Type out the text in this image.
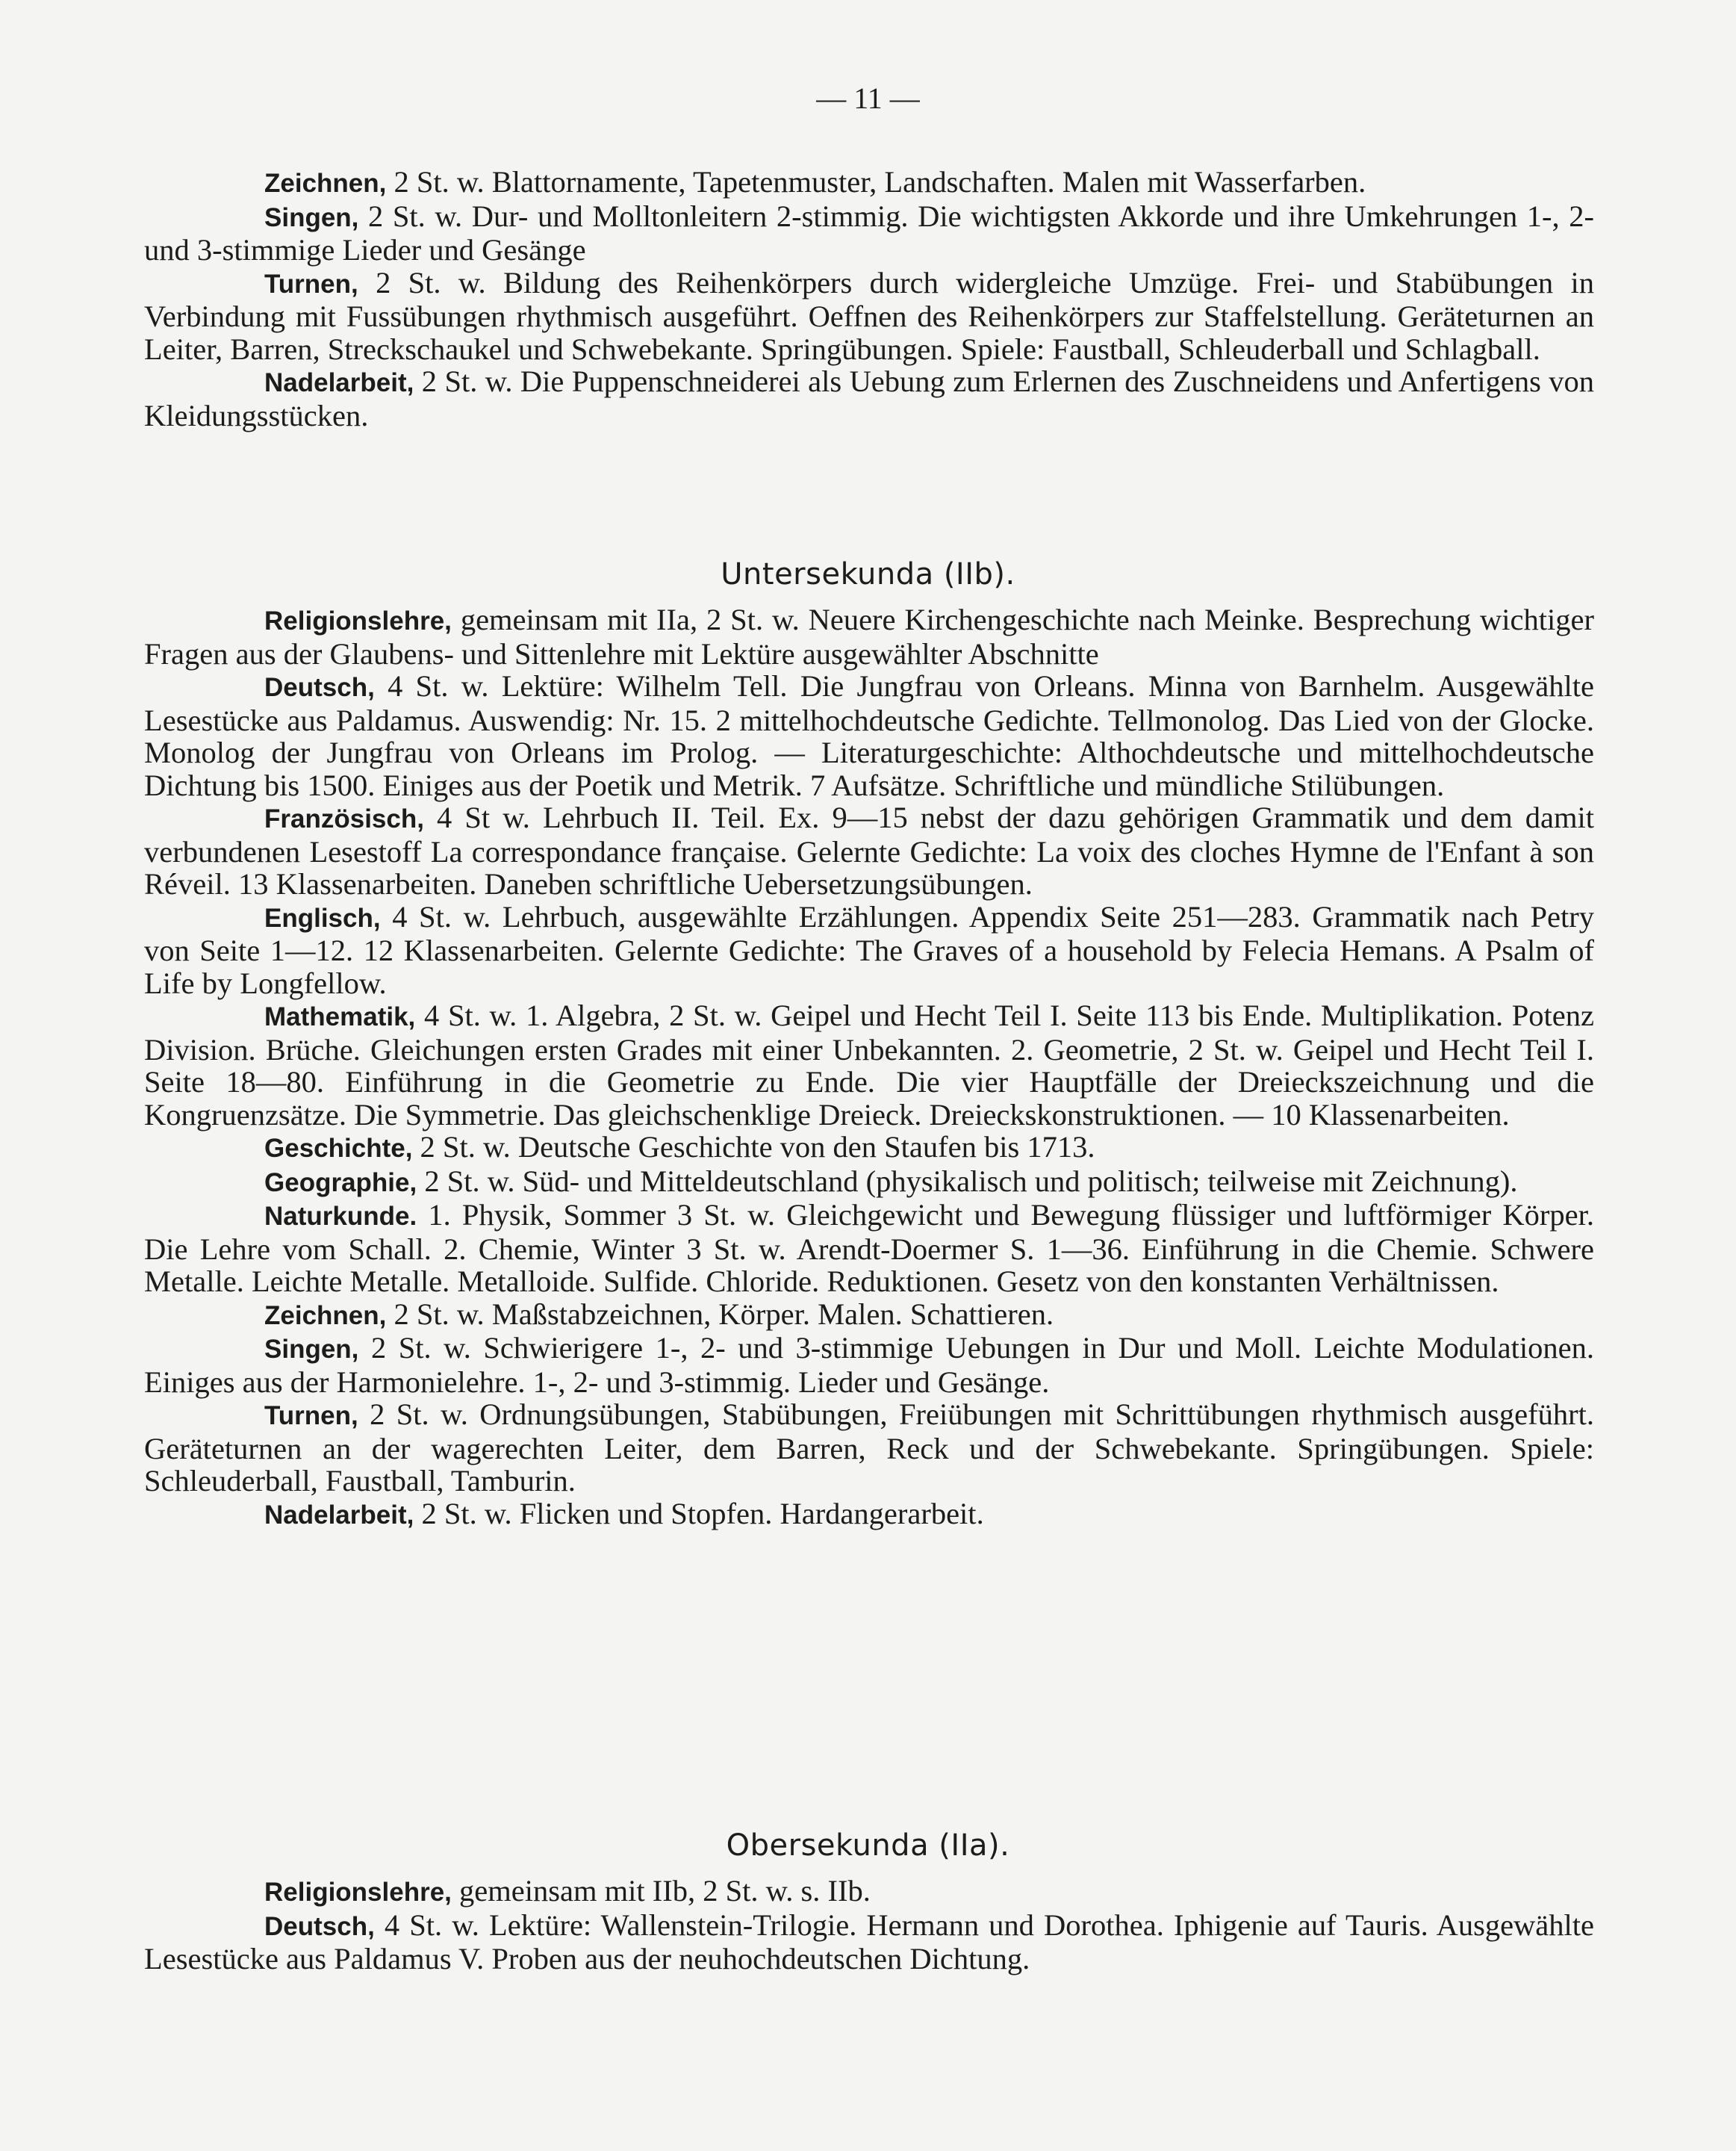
— 11 —

Zeichnen, 2 St. w. Blattornamente, Tapetenmuster, Landschaften. Malen mit Wasserfarben.

Singen, 2 St. w. Dur- und Molltonleitern 2-stimmig. Die wichtigsten Akkorde und ihre Umkehrungen 1-, 2- und 3-stimmige Lieder und Gesänge

Turnen, 2 St. w. Bildung des Reihenkörpers durch widergleiche Umzüge. Frei- und Stabübungen in Verbindung mit Fussübungen rhythmisch ausgeführt. Oeffnen des Reihenkörpers zur Staffelstellung. Geräteturnen an Leiter, Barren, Streckschaukel und Schwebekante. Springübungen. Spiele: Faustball, Schleuderball und Schlagball.

Nadelarbeit, 2 St. w. Die Puppenschneiderei als Uebung zum Erlernen des Zuschneidens und Anfertigens von Kleidungsstücken.

Untersekunda (IIb).

Religionslehre, gemeinsam mit IIa, 2 St. w. Neuere Kirchengeschichte nach Meinke. Besprechung wichtiger Fragen aus der Glaubens- und Sittenlehre mit Lektüre ausgewählter Abschnitte

Deutsch, 4 St. w. Lektüre: Wilhelm Tell. Die Jungfrau von Orleans. Minna von Barnhelm. Ausgewählte Lesestücke aus Paldamus. Auswendig: Nr. 15. 2 mittelhochdeutsche Gedichte. Tellmonolog. Das Lied von der Glocke. Monolog der Jungfrau von Orleans im Prolog. — Literaturgeschichte: Althochdeutsche und mittelhochdeutsche Dichtung bis 1500. Einiges aus der Poetik und Metrik. 7 Aufsätze. Schriftliche und mündliche Stilübungen.

Französisch, 4 St w. Lehrbuch II. Teil. Ex. 9—15 nebst der dazu gehörigen Grammatik und dem damit verbundenen Lesestoff La correspondance française. Gelernte Gedichte: La voix des cloches Hymne de l'Enfant à son Réveil. 13 Klassenarbeiten. Daneben schriftliche Uebersetzungsübungen.

Englisch, 4 St. w. Lehrbuch, ausgewählte Erzählungen. Appendix Seite 251—283. Grammatik nach Petry von Seite 1—12. 12 Klassenarbeiten. Gelernte Gedichte: The Graves of a household by Felecia Hemans. A Psalm of Life by Longfellow.

Mathematik, 4 St. w. 1. Algebra, 2 St. w. Geipel und Hecht Teil I. Seite 113 bis Ende. Multiplikation. Potenz Division. Brüche. Gleichungen ersten Grades mit einer Unbekannten. 2. Geometrie, 2 St. w. Geipel und Hecht Teil I. Seite 18—80. Einführung in die Geometrie zu Ende. Die vier Hauptfälle der Dreieckszeichnung und die Kongruenzsätze. Die Symmetrie. Das gleichschenklige Dreieck. Dreieckskonstruktionen. — 10 Klassenarbeiten.

Geschichte, 2 St. w. Deutsche Geschichte von den Staufen bis 1713.

Geographie, 2 St. w. Süd- und Mitteldeutschland (physikalisch und politisch; teilweise mit Zeichnung).

Naturkunde. 1. Physik, Sommer 3 St. w. Gleichgewicht und Bewegung flüssiger und luftförmiger Körper. Die Lehre vom Schall. 2. Chemie, Winter 3 St. w. Arendt-Doermer S. 1—36. Einführung in die Chemie. Schwere Metalle. Leichte Metalle. Metalloide. Sulfide. Chloride. Reduktionen. Gesetz von den konstanten Verhältnissen.

Zeichnen, 2 St. w. Maßstabzeichnen, Körper. Malen. Schattieren.

Singen, 2 St. w. Schwierigere 1-, 2- und 3-stimmige Uebungen in Dur und Moll. Leichte Modulationen. Einiges aus der Harmonielehre. 1-, 2- und 3-stimmig. Lieder und Gesänge.

Turnen, 2 St. w. Ordnungsübungen, Stabübungen, Freiübungen mit Schrittübungen rhythmisch ausgeführt. Geräteturnen an der wagerechten Leiter, dem Barren, Reck und der Schwebekante. Springübungen. Spiele: Schleuderball, Faustball, Tamburin.

Nadelarbeit, 2 St. w. Flicken und Stopfen. Hardangerarbeit.

Obersekunda (IIa).

Religionslehre, gemeinsam mit IIb, 2 St. w. s. IIb.

Deutsch, 4 St. w. Lektüre: Wallenstein-Trilogie. Hermann und Dorothea. Iphigenie auf Tauris. Ausgewählte Lesestücke aus Paldamus V. Proben aus der neuhochdeutschen Dichtung.
